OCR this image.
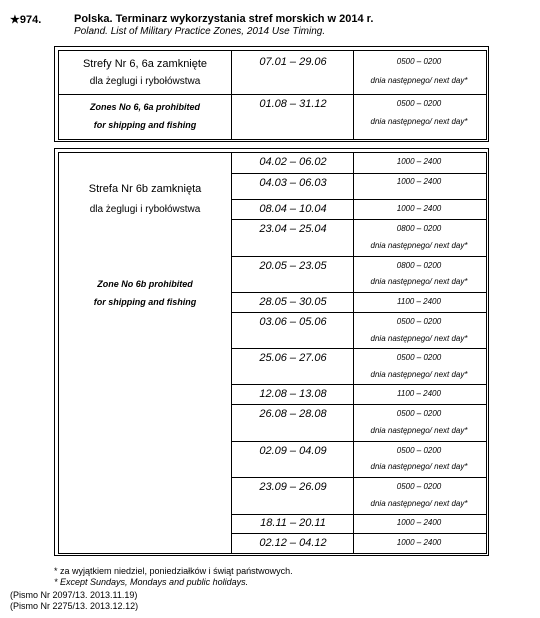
★974.	Polska. Terminarz wykorzystania stref morskich w 2014 r.
Poland. List of Military Practice Zones, 2014 Use Timing.
Strefy Nr 6, 6a zamknięte
dla żeglugi i rybołówstwa
Zones No 6, 6a prohibited
for shipping and fishing
07.01 – 29.06	0500 – 0200
dnia następnego/ next day*
01.08 – 31.12	0500 – 0200
dnia następnego/ next day*
Strefa Nr 6b zamknięta
dla żeglugi i rybołówstwa
Zone No 6b prohibited
for shipping and fishing
04.02 – 06.02	1000 – 2400
04.03 – 06.03	1000 – 2400
08.04 – 10.04	1000 – 2400
23.04 – 25.04	0800 – 0200
dnia następnego/ next day*
20.05 – 23.05	0800 – 0200
dnia następnego/ next day*
28.05 – 30.05	1100 – 2400
03.06 – 05.06	0500 – 0200
dnia następnego/ next day*
25.06 – 27.06	0500 – 0200
dnia następnego/ next day*
12.08 – 13.08	1100 – 2400
26.08 – 28.08	0500 – 0200
dnia następnego/ next day*
02.09 – 04.09	0500 – 0200
dnia następnego/ next day*
23.09 – 26.09	0500 – 0200
dnia następnego/ next day*
18.11 – 20.11	1000 – 2400
02.12 – 04.12	1000 – 2400
* za wyjątkiem niedziel, poniedziałków i świąt państwowych.
* Except Sundays, Mondays and public holidays.
(Pismo Nr 2097/13. 2013.11.19)
(Pismo Nr 2275/13. 2013.12.12)
